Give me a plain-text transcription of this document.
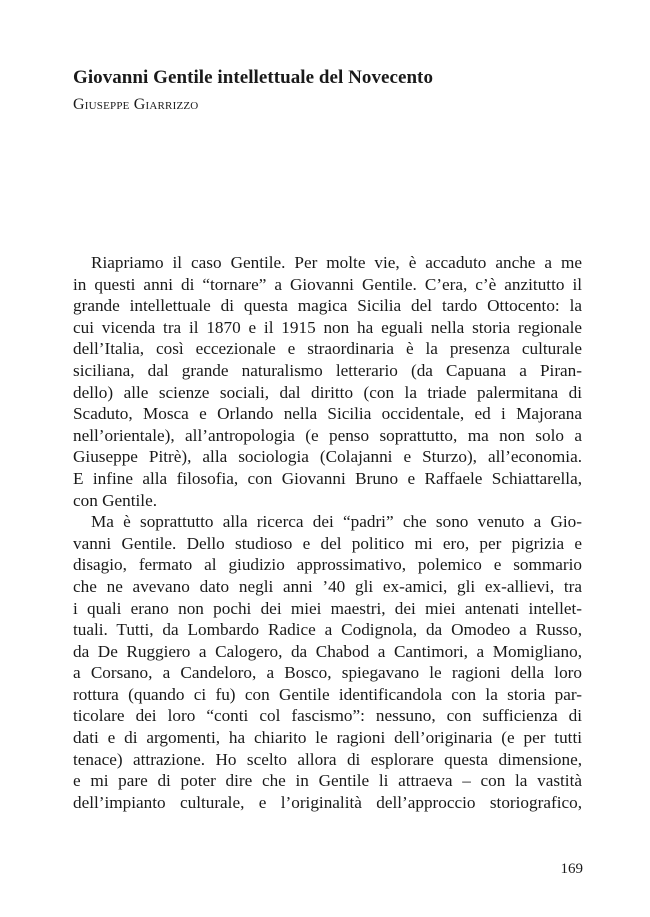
Giovanni Gentile intellettuale del Novecento

Giuseppe Giarrizzo

Riapriamo il caso Gentile. Per molte vie, è accaduto anche a me
in questi anni di “tornare” a Giovanni Gentile. C’era, c’è anzitutto il
grande intellettuale di questa magica Sicilia del tardo Ottocento: la
cui vicenda tra il 1870 e il 1915 non ha eguali nella storia regionale
dell’Italia, così eccezionale e straordinaria è la presenza culturale
siciliana, dal grande naturalismo letterario (da Capuana a Piran-
dello) alle scienze sociali, dal diritto (con la triade palermitana di
Scaduto, Mosca e Orlando nella Sicilia occidentale, ed i Majorana
nell’orientale), all’antropologia (e penso soprattutto, ma non solo a
Giuseppe Pitrè), alla sociologia (Colajanni e Sturzo), all’economia.
E infine alla filosofia, con Giovanni Bruno e Raffaele Schiattarella,
con Gentile.
Ma è soprattutto alla ricerca dei “padri” che sono venuto a Gio-
vanni Gentile. Dello studioso e del politico mi ero, per pigrizia e
disagio, fermato al giudizio approssimativo, polemico e sommario
che ne avevano dato negli anni ’40 gli ex-amici, gli ex-allievi, tra
i quali erano non pochi dei miei maestri, dei miei antenati intellet-
tuali. Tutti, da Lombardo Radice a Codignola, da Omodeo a Russo,
da De Ruggiero a Calogero, da Chabod a Cantimori, a Momigliano,
a Corsano, a Candeloro, a Bosco, spiegavano le ragioni della loro
rottura (quando ci fu) con Gentile identificandola con la storia par-
ticolare dei loro “conti col fascismo”: nessuno, con sufficienza di
dati e di argomenti, ha chiarito le ragioni dell’originaria (e per tutti
tenace) attrazione. Ho scelto allora di esplorare questa dimensione,
e mi pare di poter dire che in Gentile li attraeva – con la vastità
dell’impianto culturale, e l’originalità dell’approccio storiografico,

169
